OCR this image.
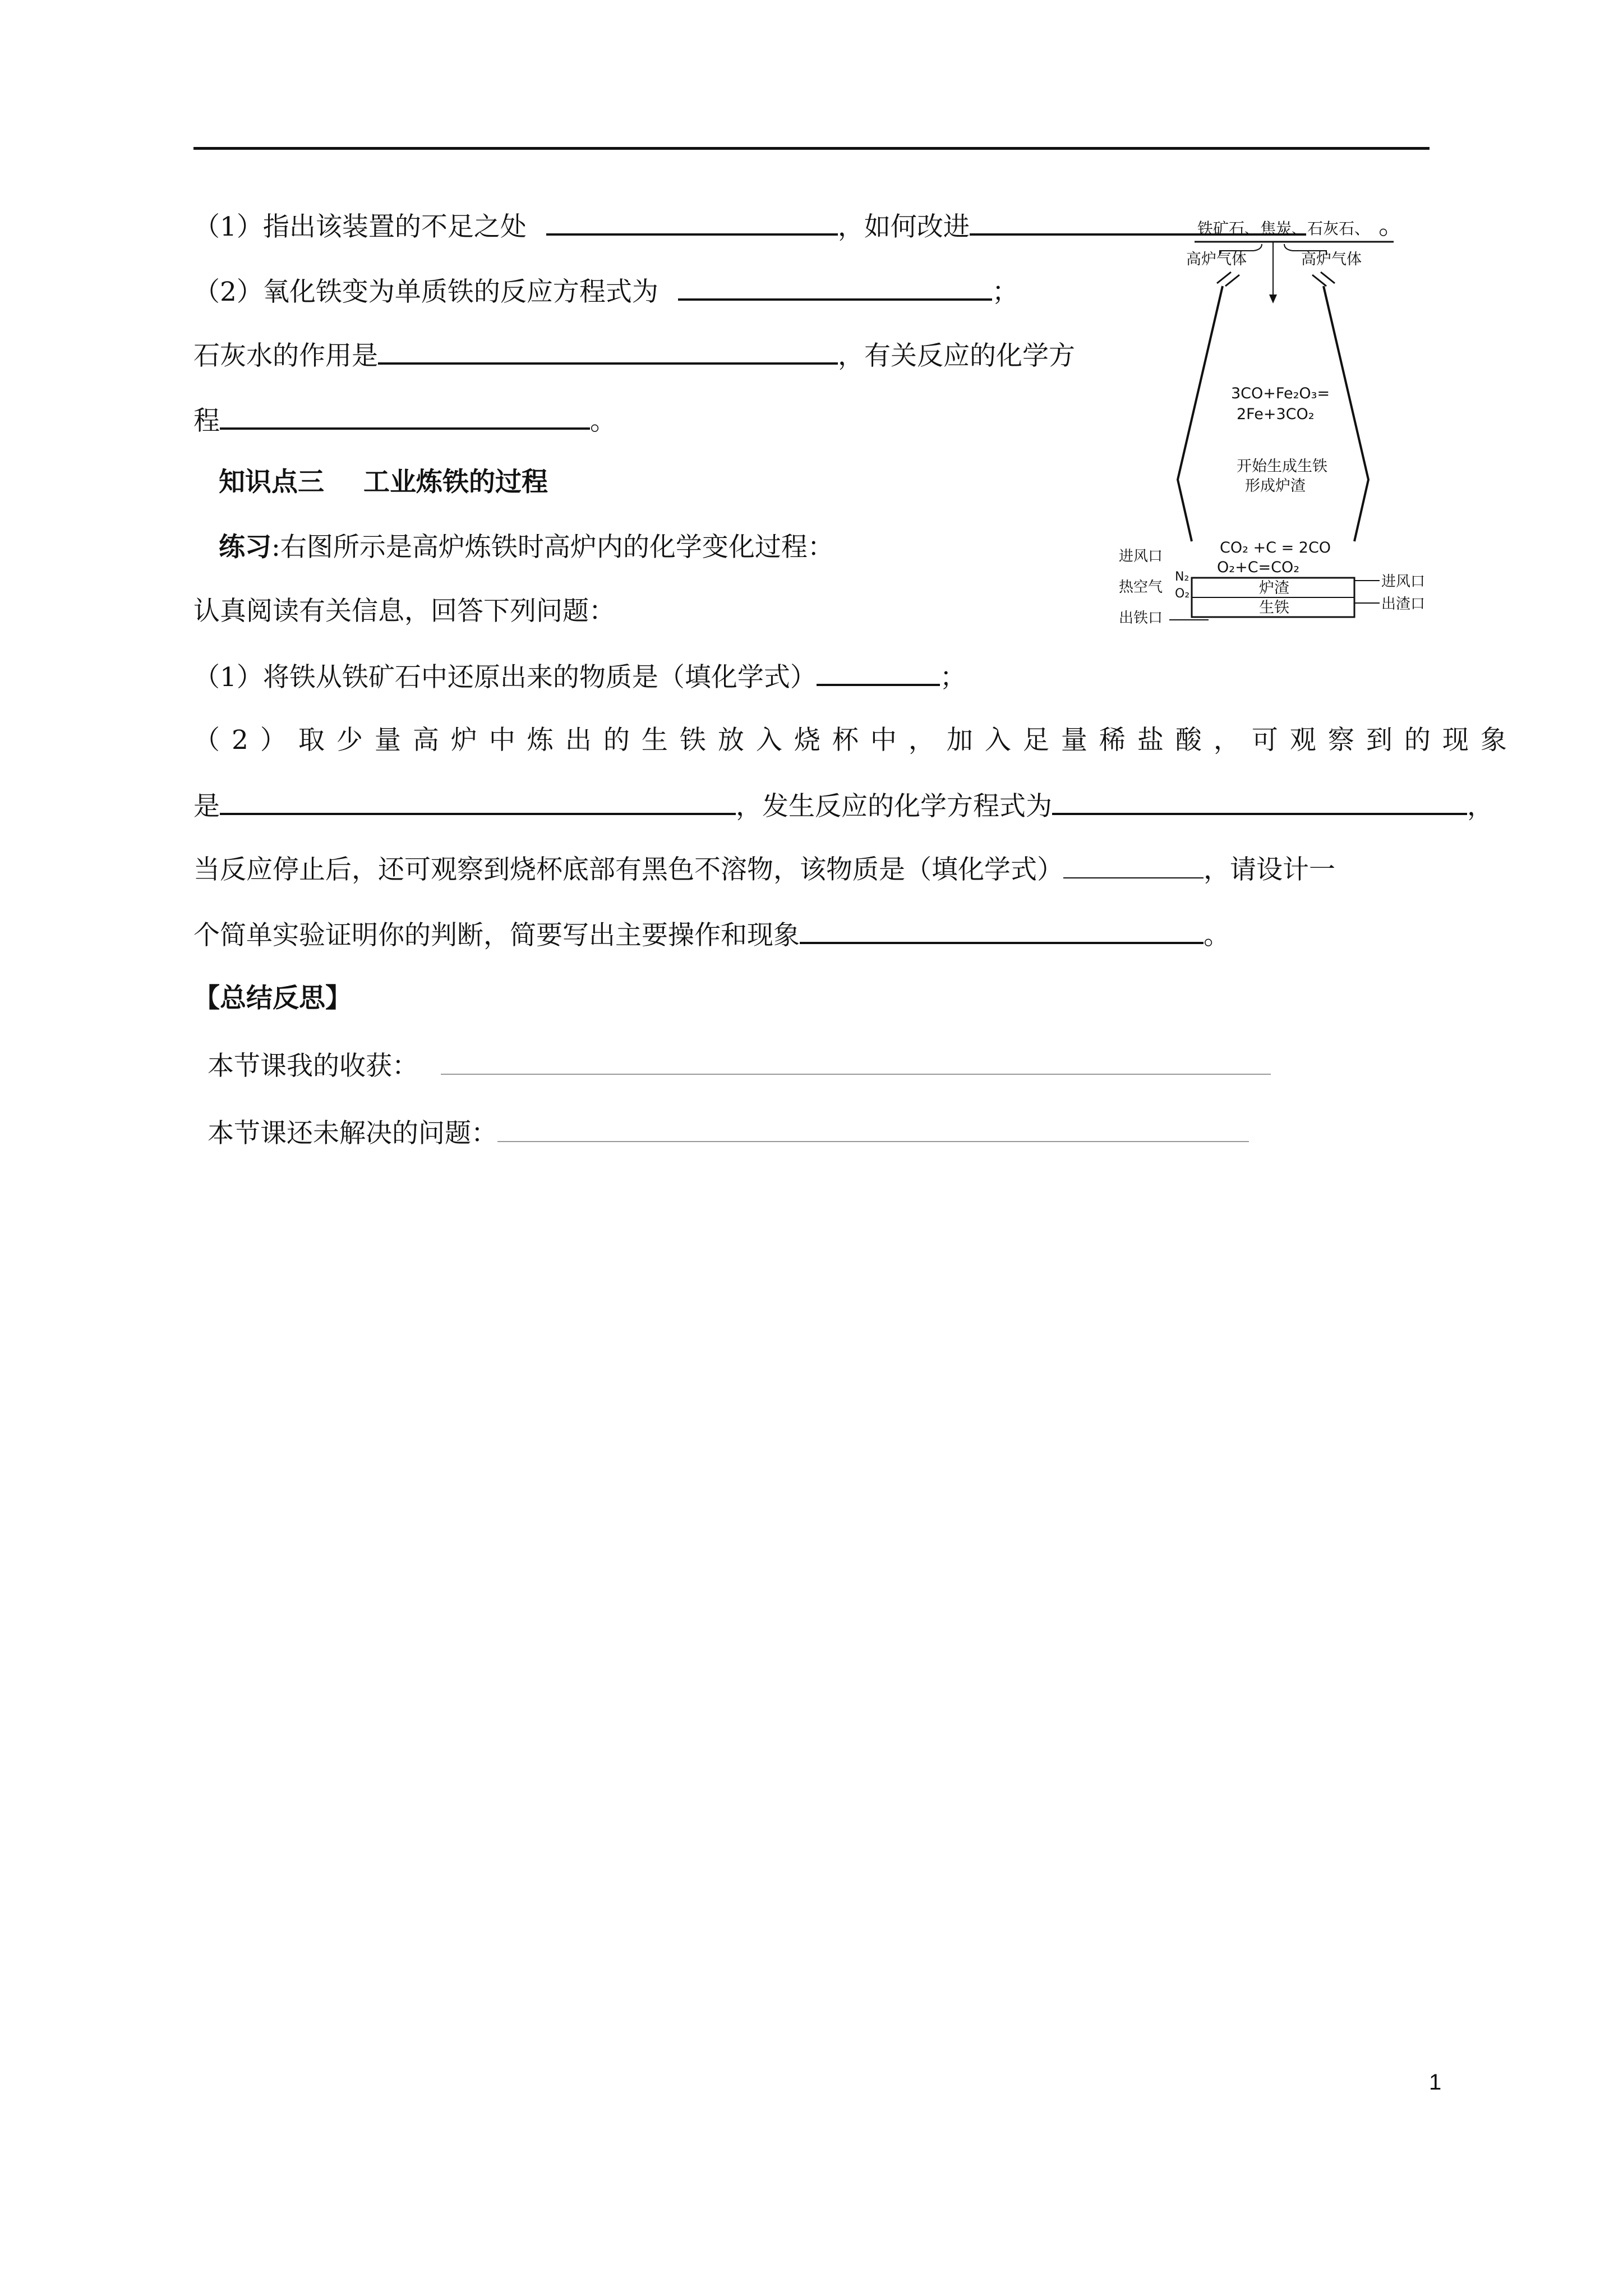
（1）指出该装置的不足之处	，如何改进	。
（2）氧化铁变为单质铁的反应方程式为	；
石灰水的作用是	，有关反应的化学方
程	。
知识点三 工业炼铁的过程
练习:右图所示是高炉炼铁时高炉内的化学变化过程：
认真阅读有关信息，回答下列问题：
（1）将铁从铁矿石中还原出来的物质是（填化学式）	；
（2）取少量高炉中炼出的生铁放入烧杯中，加入足量稀盐酸，可观察到的现象
是	，发生反应的化学方程式为	，
当反应停止后，还可观察到烧杯底部有黑色不溶物，该物质是（填化学式）	，请设计一
个简单实验证明你的判断，简要写出主要操作和现象	。
【总结反思】
本节课我的收获：
本节课还未解决的问题：
铁矿石、焦炭、石灰石、
高炉气体	高炉气体
3CO+Fe₂O₃=
2Fe+3CO₂
开始生成生铁
形成炉渣
CO₂ +C = 2CO
O₂+C=CO₂
炉渣
生铁
进风口
热空气
N₂
O₂
出铁口
进风口
出渣口
1
